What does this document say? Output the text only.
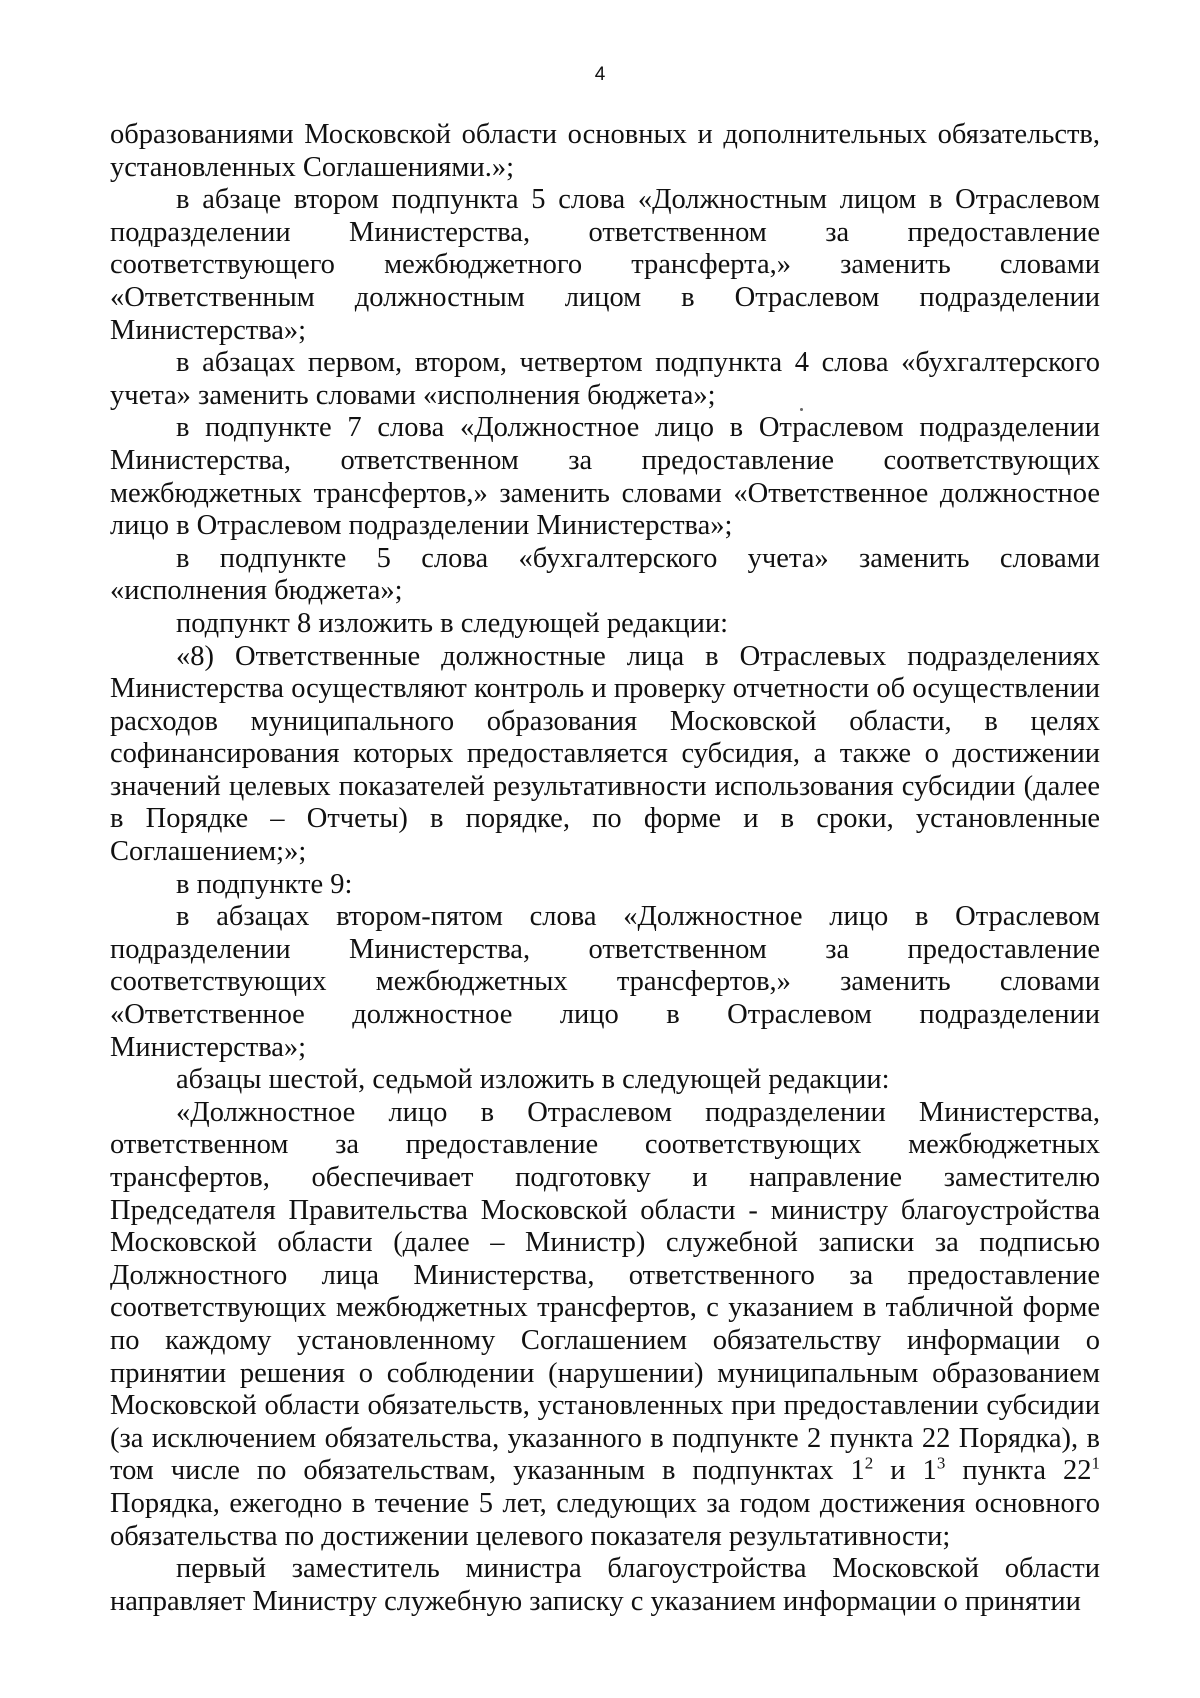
4

образованиями Московской области основных и дополнительных обязательств, установленных Соглашениями.»;

в абзаце втором подпункта 5 слова «Должностным лицом в Отраслевом подразделении Министерства, ответственном за предоставление соответствующего межбюджетного трансферта,» заменить словами «Ответственным должностным лицом в Отраслевом подразделении Министерства»;

в абзацах первом, втором, четвертом подпункта 4 слова «бухгалтерского учета» заменить словами «исполнения бюджета»;

в подпункте 7 слова «Должностное лицо в Отраслевом подразделении Министерства, ответственном за предоставление соответствующих межбюджетных трансфертов,» заменить словами «Ответственное должностное лицо в Отраслевом подразделении Министерства»;

в подпункте 5 слова «бухгалтерского учета» заменить словами «исполнения бюджета»;

подпункт 8 изложить в следующей редакции:

«8) Ответственные должностные лица в Отраслевых подразделениях Министерства осуществляют контроль и проверку отчетности об осуществлении расходов муниципального образования Московской области, в целях софинансирования которых предоставляется субсидия, а также о достижении значений целевых показателей результативности использования субсидии (далее в Порядке – Отчеты) в порядке, по форме и в сроки, установленные Соглашением;»;

в подпункте 9:

в абзацах втором-пятом слова «Должностное лицо в Отраслевом подразделении Министерства, ответственном за предоставление соответствующих межбюджетных трансфертов,» заменить словами «Ответственное должностное лицо в Отраслевом подразделении Министерства»;

абзацы шестой, седьмой изложить в следующей редакции:

«Должностное лицо в Отраслевом подразделении Министерства, ответственном за предоставление соответствующих межбюджетных трансфертов, обеспечивает подготовку и направление заместителю Председателя Правительства Московской области - министру благоустройства Московской области (далее – Министр) служебной записки за подписью Должностного лица Министерства, ответственного за предоставление соответствующих межбюджетных трансфертов, с указанием в табличной форме по каждому установленному Соглашением обязательству информации о принятии решения о соблюдении (нарушении) муниципальным образованием Московской области обязательств, установленных при предоставлении субсидии (за исключением обязательства, указанного в подпункте 2 пункта 22 Порядка), в том числе по обязательствам, указанным в подпунктах $1^2$ и $1^3$ пункта $22^1$ Порядка, ежегодно в течение 5 лет, следующих за годом достижения основного обязательства по достижении целевого показателя результативности;

первый заместитель министра благоустройства Московской области направляет Министру служебную записку с указанием информации о принятии
